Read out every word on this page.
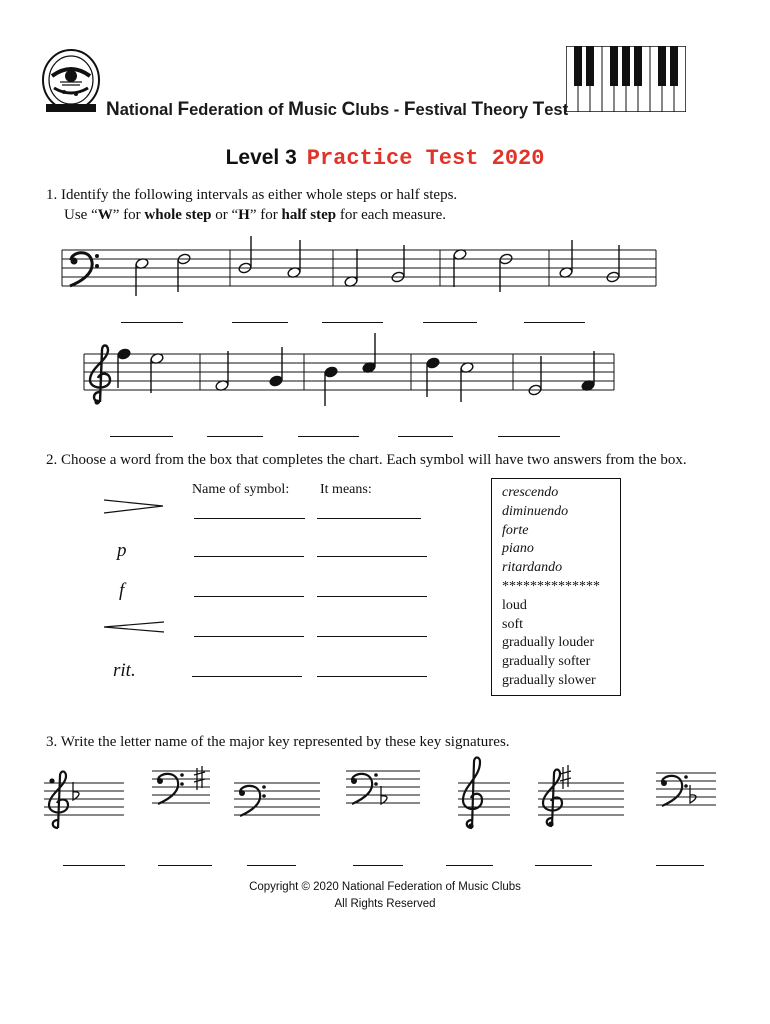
National Federation of Music Clubs - Festival Theory Test
Level 3 Practice Test 2020
1. Identify the following intervals as either whole steps or half steps.
Use “W” for whole step or “H” for half step for each measure.
2. Choose a word from the box that completes the chart. Each symbol will have two answers from the box.
Name of symbol: It means:
p
f
rit.
crescendo
diminuendo
forte
piano
ritardando
**************
loud
soft
gradually louder
gradually softer
gradually slower
3. Write the letter name of the major key represented by these key signatures.
Copyright © 2020 National Federation of Music Clubs
All Rights Reserved
